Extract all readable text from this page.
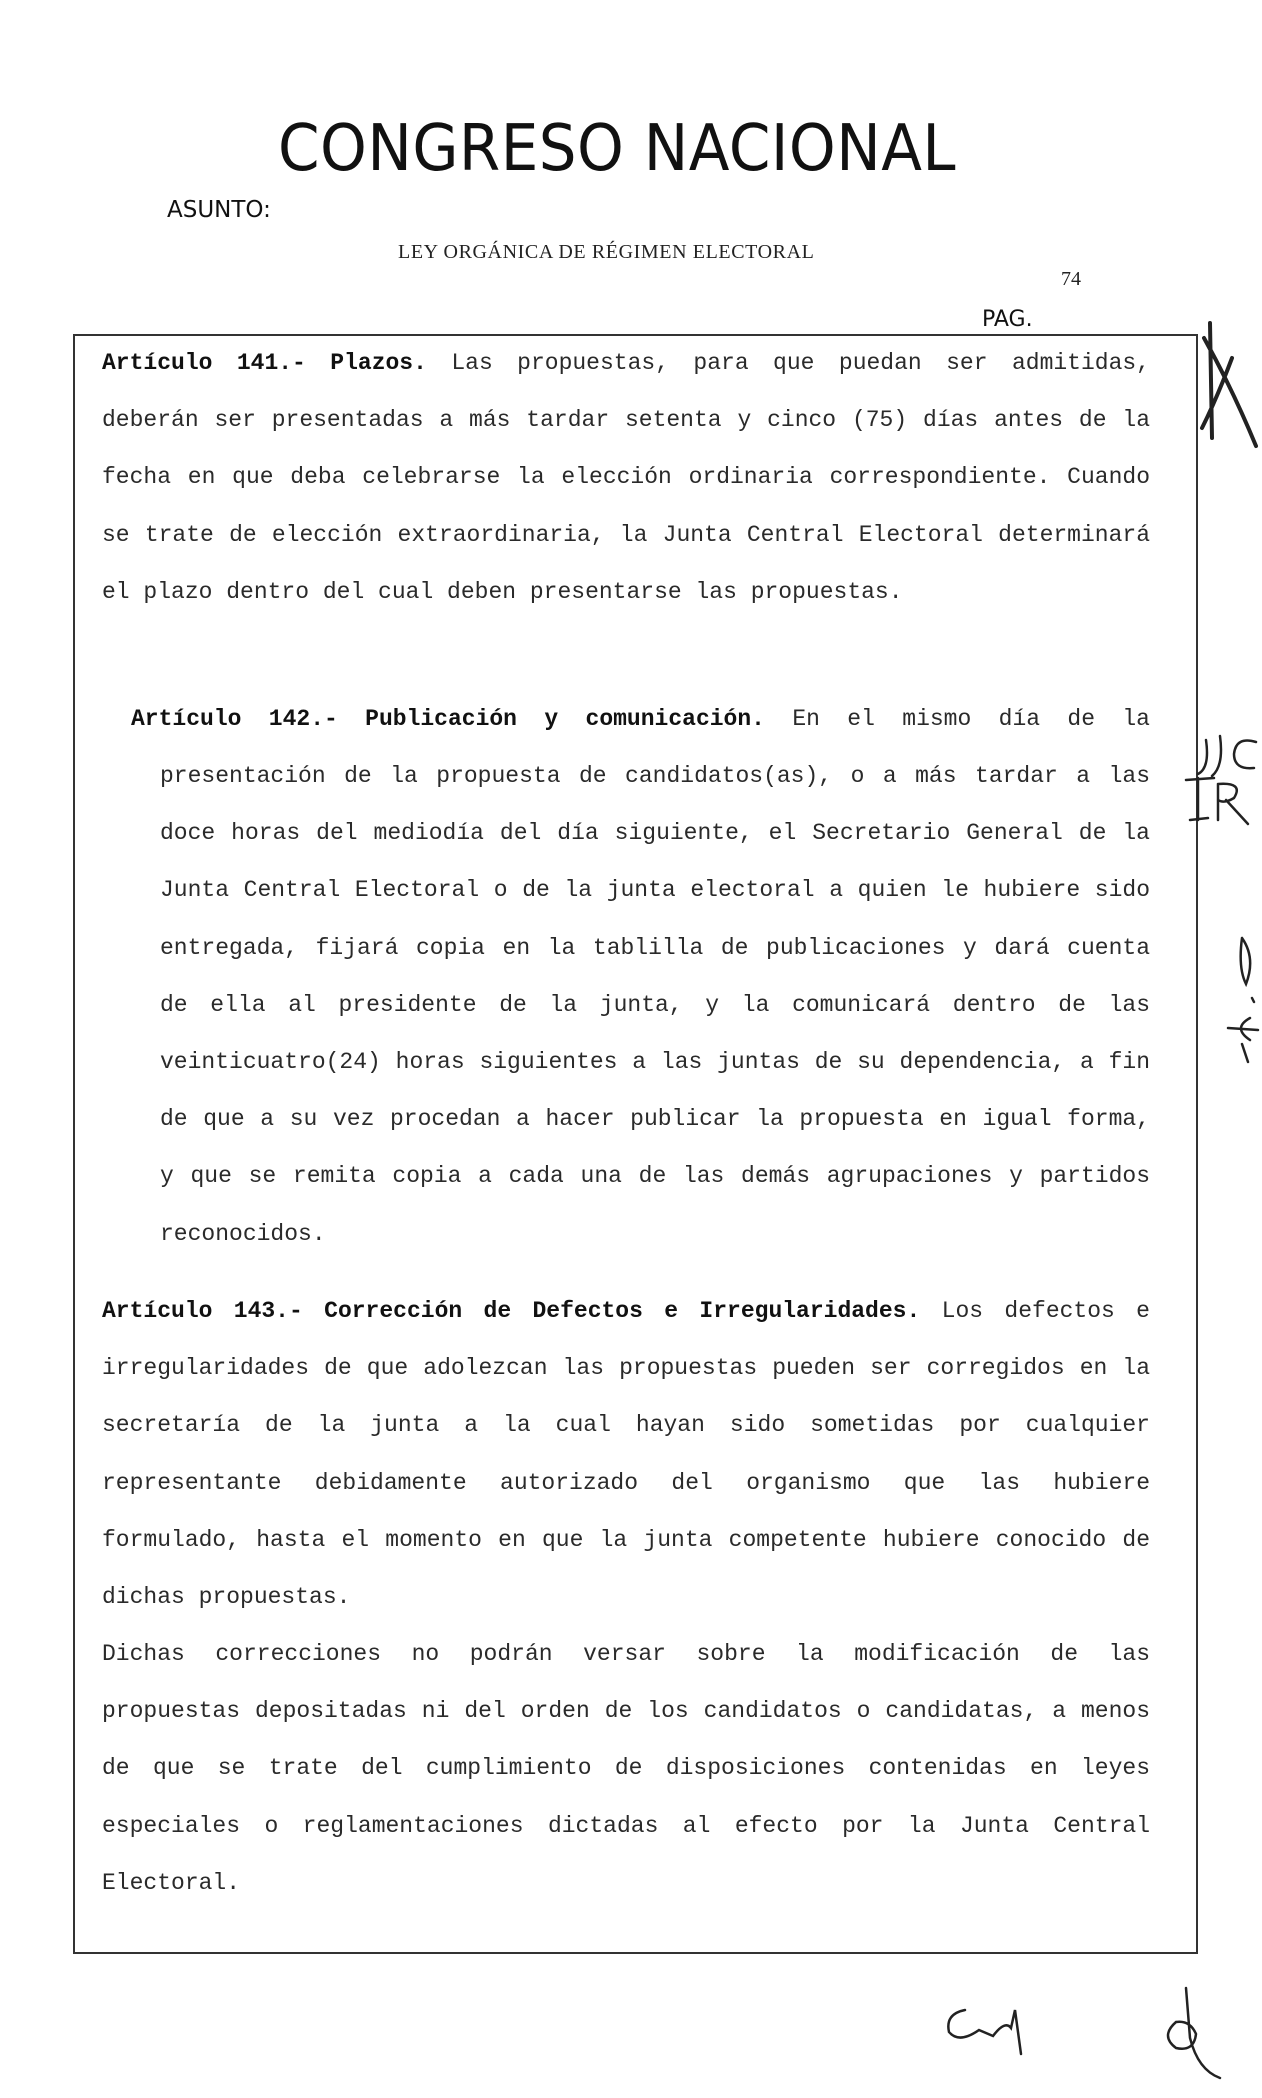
CONGRESO NACIONAL
ASUNTO:
LEY ORGÁNICA DE RÉGIMEN ELECTORAL
74
PAG.

Artículo 141.- Plazos. Las propuestas, para que puedan ser admitidas, deberán ser presentadas a más tardar setenta y cinco (75) días antes de la fecha en que deba celebrarse la elección ordinaria correspondiente. Cuando se trate de elección extraordinaria, la Junta Central Electoral determinará el plazo dentro del cual deben presentarse las propuestas.

Artículo 142.- Publicación y comunicación. En el mismo día de la

presentación de la propuesta de candidatos(as), o a más tardar a las doce horas del mediodía del día siguiente, el Secretario General de la Junta Central Electoral o de la junta electoral a quien le hubiere sido entregada, fijará copia en la tablilla de publicaciones y dará cuenta de ella al presidente de la junta, y la comunicará dentro de las veinticuatro(24) horas siguientes a las juntas de su dependencia, a fin de que a su vez procedan a hacer publicar la propuesta en igual forma, y que se remita copia a cada una de las demás agrupaciones y partidos reconocidos.

Artículo 143.- Corrección de Defectos e Irregularidades. Los defectos e irregularidades de que adolezcan las propuestas pueden ser corregidos en la secretaría de la junta a la cual hayan sido sometidas por cualquier representante debidamente autorizado del organismo que las hubiere formulado, hasta el momento en que la junta competente hubiere conocido de dichas propuestas.

Dichas correcciones no podrán versar sobre la modificación de las propuestas depositadas ni del orden de los candidatos o candidatas, a menos de que se trate del cumplimiento de disposiciones contenidas en leyes especiales o reglamentaciones dictadas al efecto por la Junta Central Electoral.
